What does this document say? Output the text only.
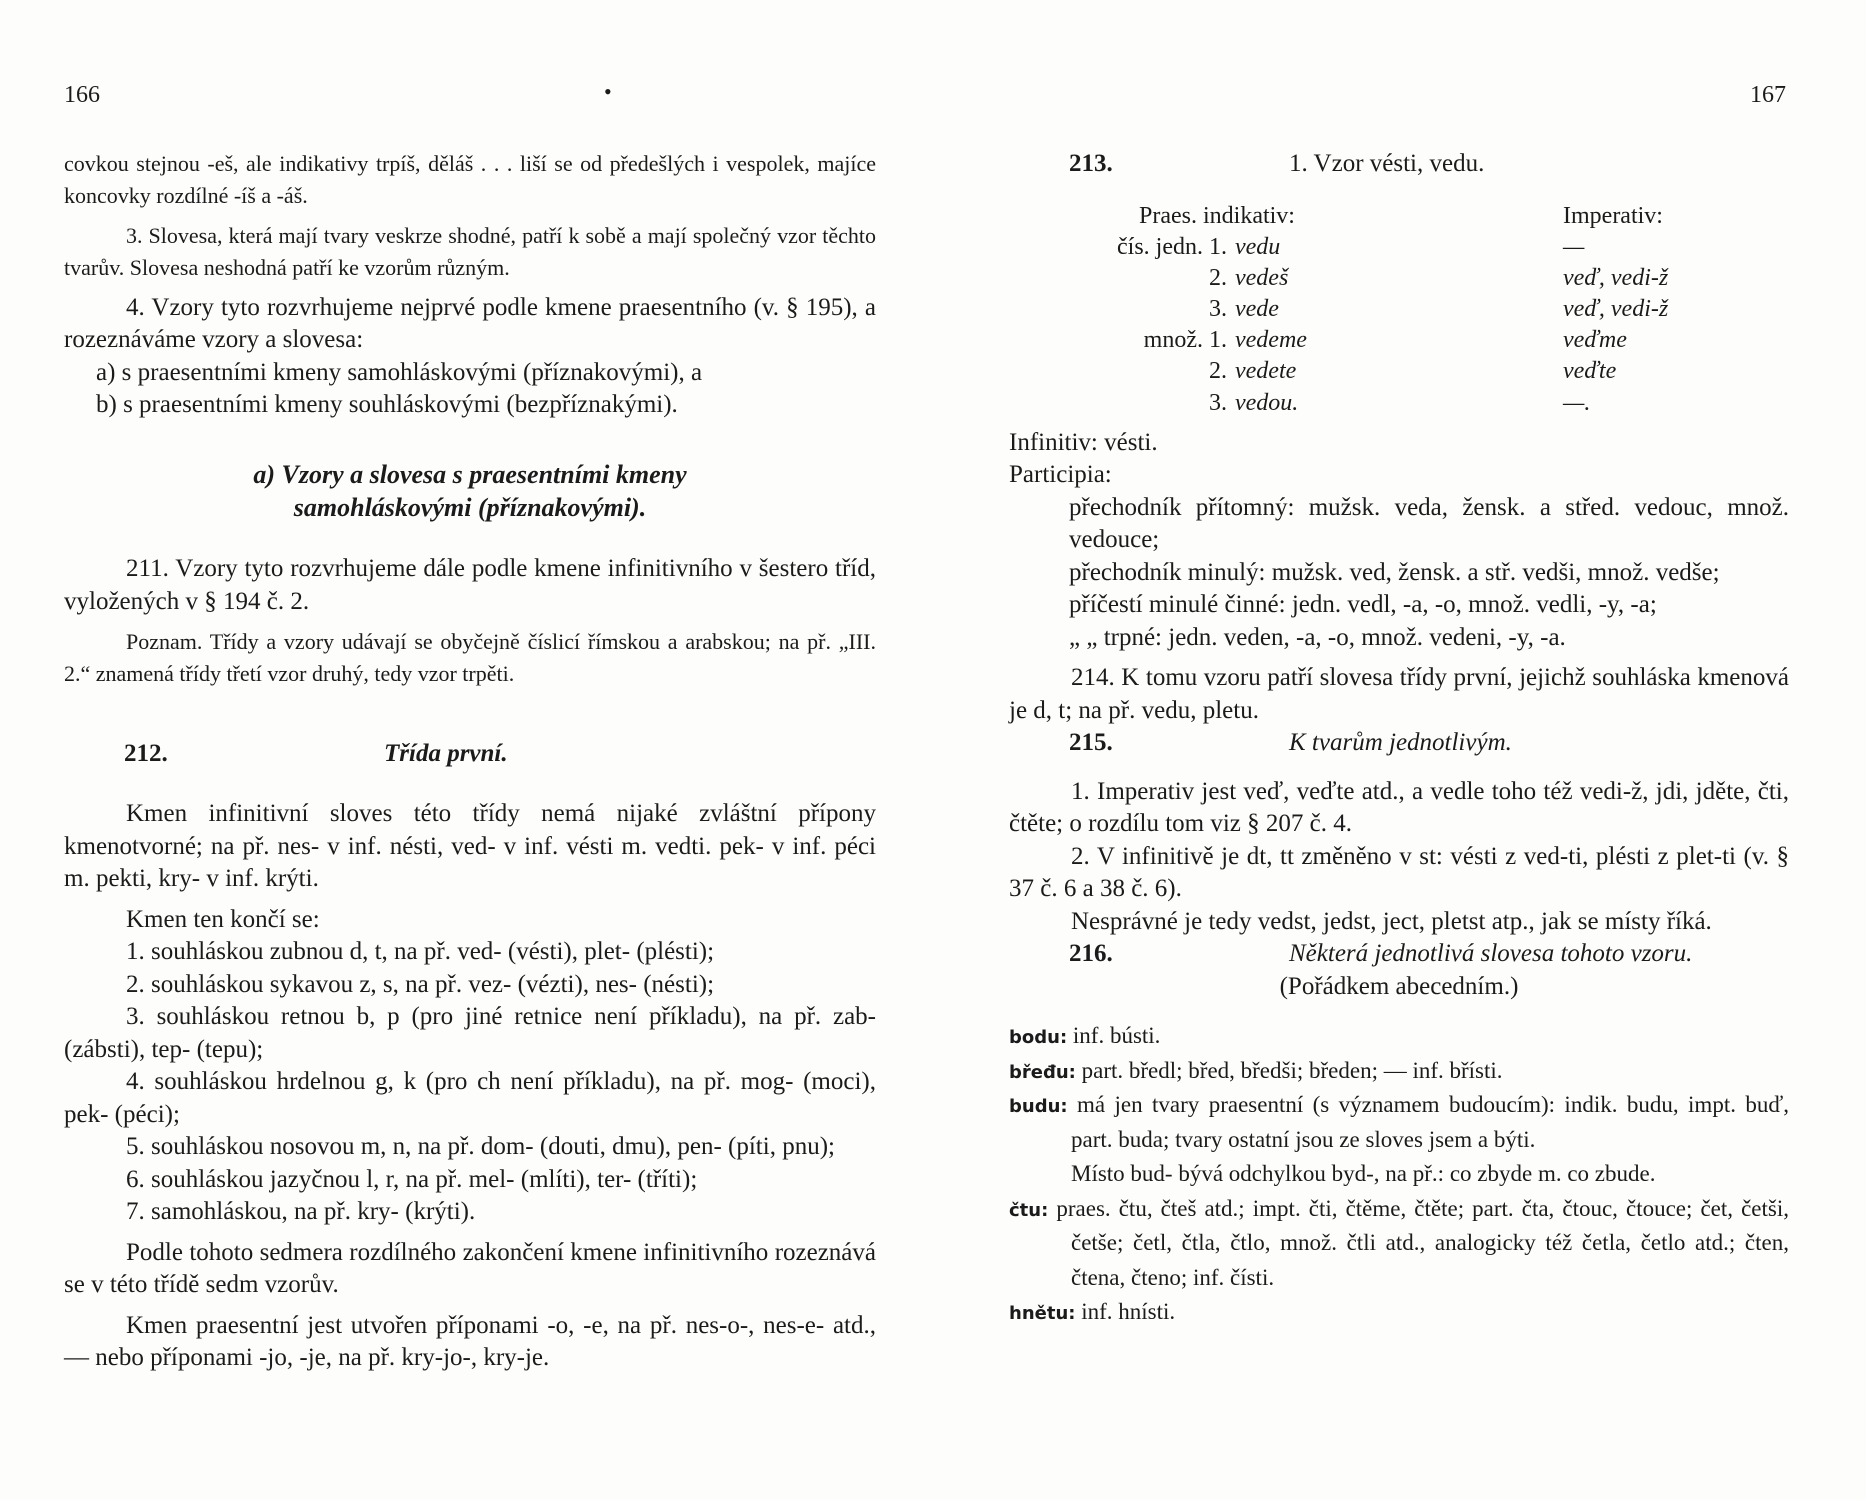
166	•

covkou stejnou -eš, ale indikativy trpíš, děláš . . . liší se od předešlých i vespolek, majíce koncovky rozdílné -íš a -áš.

3. Slovesa, která mají tvary veskrze shodné, patří k sobě a mají společný vzor těchto tvarův. Slovesa neshodná patří ke vzorům různým.

4. Vzory tyto rozvrhujeme nejprvé podle kmene praesentního (v. § 195), a rozeznáváme vzory a slovesa:

a) s praesentními kmeny samohláskovými (příznakovými), a

b) s praesentními kmeny souhláskovými (bezpříznakými).

a) Vzory a slovesa s praesentními kmeny
samohláskovými (příznakovými).

211. Vzory tyto rozvrhujeme dále podle kmene infinitivního v šestero tříd, vyložených v § 194 č. 2.

Poznam. Třídy a vzory udávají se obyčejně číslicí římskou a arabskou; na př. „III. 2.“ znamená třídy třetí vzor druhý, tedy vzor trpěti.

212.	Třída první.

Kmen infinitivní sloves této třídy nemá nijaké zvláštní přípony kmenotvorné; na př. nes- v inf. nésti, ved- v inf. vésti m. vedti. pek- v inf. péci m. pekti, kry- v inf. krýti.

Kmen ten končí se:

1. souhláskou zubnou d, t, na př. ved- (vésti), plet- (plésti);

2. souhláskou sykavou z, s, na př. vez- (vézti), nes- (nésti);

3. souhláskou retnou b, p (pro jiné retnice není příkladu), na př. zab- (zábsti), tep- (tepu);

4. souhláskou hrdelnou g, k (pro ch není příkladu), na př. mog- (moci), pek- (péci);

5. souhláskou nosovou m, n, na př. dom- (douti, dmu), pen- (píti, pnu);

6. souhláskou jazyčnou l, r, na př. mel- (mlíti), ter- (tříti);

7. samohláskou, na př. kry- (krýti).

Podle tohoto sedmera rozdílného zakončení kmene infinitivního rozeznává se v této třídě sedm vzorův.

Kmen praesentní jest utvořen příponami -o, -e, na př. nes-o-, nes-e- atd., — nebo příponami -jo, -je, na př. kry-jo-, kry-je.

167
213.	1. Vzor vésti, vedu.
Praes. indikativ:		Imperativ:
čís. jedn. 1.	vedu	—
2.	vedeš	veď, vedi-ž
3.	vede	veď, vedi-ž
množ. 1.	vedeme	veďme
2.	vedete	veďte
3.	vedou.	—.

Infinitiv: vésti.

Participia:

přechodník přítomný: mužsk. veda, žensk. a střed. vedouc, množ. vedouce;

přechodník minulý: mužsk. ved, žensk. a stř. vedši, množ. vedše;

příčestí minulé činné: jedn. vedl, -a, -o, množ. vedli, -y, -a;

„ „ trpné: jedn. veden, -a, -o, množ. vedeni, -y, -a.

214. K tomu vzoru patří slovesa třídy první, jejichž souhláska kmenová je d, t; na př. vedu, pletu.

215.	K tvarům jednotlivým.

1. Imperativ jest veď, veďte atd., a vedle toho též vedi-ž, jdi, jděte, čti, čtěte; o rozdílu tom viz § 207 č. 4.

2. V infinitivě je dt, tt změněno v st: vésti z ved-ti, plésti z plet-ti (v. § 37 č. 6 a 38 č. 6).

Nesprávné je tedy vedst, jedst, ject, pletst atp., jak se místy říká.

216.	Některá jednotlivá slovesa tohoto vzoru.

(Pořádkem abecedním.)

bodu: inf. bústi.

břeđu: part. bředl; břed, bředši; bředen; — inf. břísti.

budu: má jen tvary praesentní (s významem budoucím): indik. budu, impt. buď, part. buda; tvary ostatní jsou ze sloves jsem a býti.

Místo bud- bývá odchylkou byd-, na př.: co zbyde m. co zbude.

čtu: praes. čtu, čteš atd.; impt. čti, čtěme, čtěte; part. čta, čtouc, čtouce; čet, četši, četše; četl, čtla, čtlo, množ. čtli atd., analogicky též četla, četlo atd.; čten, čtena, čteno; inf. čísti.

hnětu: inf. hnísti.
